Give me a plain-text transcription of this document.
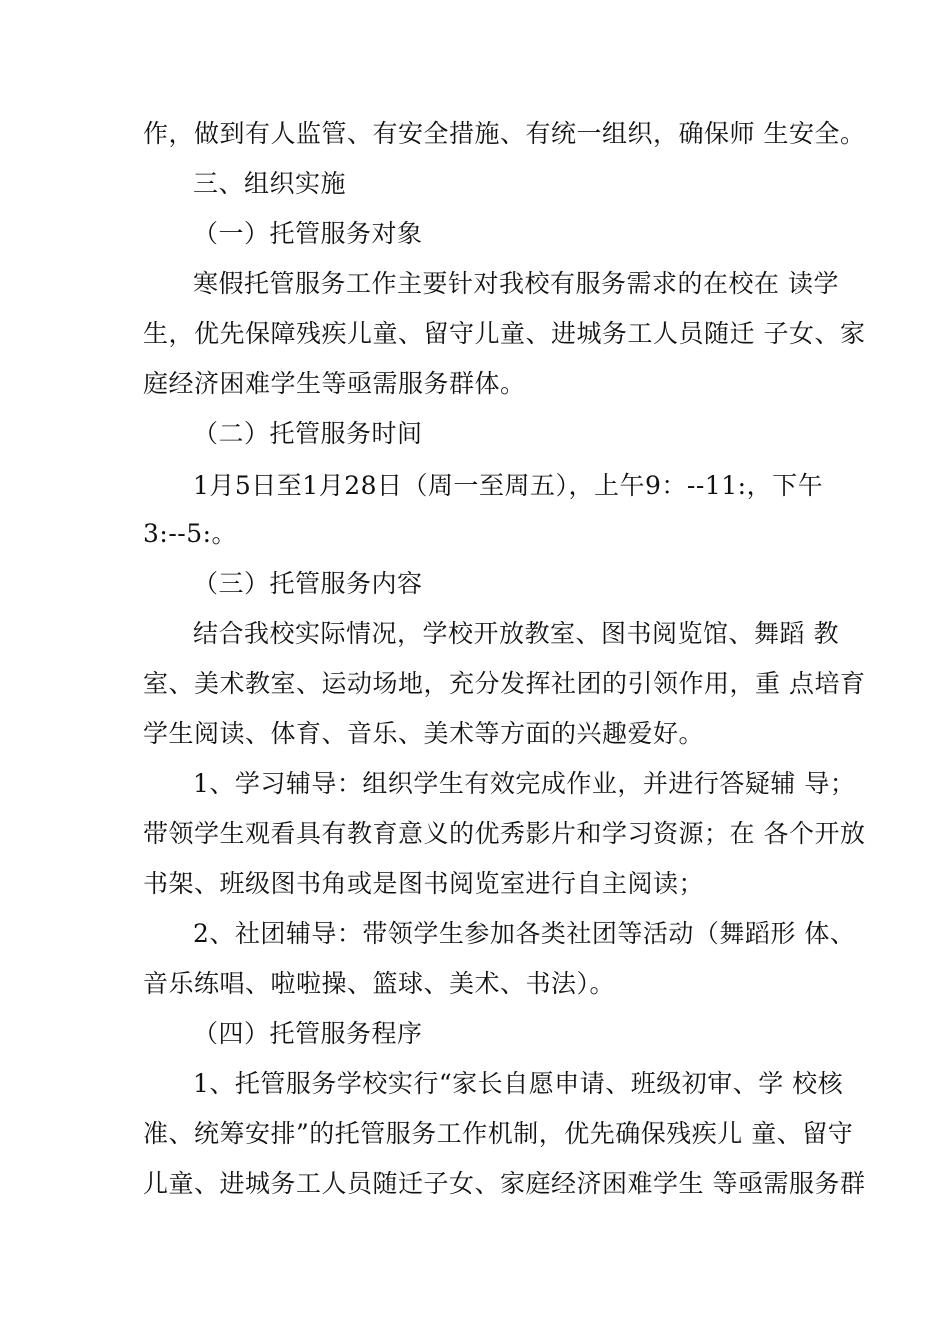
作，做到有人监管、有安全措施、有统一组织，确保师 生安全。
三、组织实施
（一）托管服务对象
寒假托管服务工作主要针对我校有服务需求的在校在 读学
生，优先保障残疾儿童、留守儿童、进城务工人员随迁 子女、家
庭经济困难学生等亟需服务群体。
（二）托管服务时间
1月5日至1月28日（周一至周五），上午9：--11:，下午
3:--5:。
（三）托管服务内容
结合我校实际情况，学校开放教室、图书阅览馆、舞蹈 教
室、美术教室、运动场地，充分发挥社团的引领作用，重 点培育
学生阅读、体育、音乐、美术等方面的兴趣爱好。
1、学习辅导：组织学生有效完成作业，并进行答疑辅 导；
带领学生观看具有教育意义的优秀影片和学习资源；在 各个开放
书架、班级图书角或是图书阅览室进行自主阅读；
2、社团辅导：带领学生参加各类社团等活动（舞蹈形 体、
音乐练唱、啦啦操、篮球、美术、书法）。
（四）托管服务程序
1、托管服务学校实行“家长自愿申请、班级初审、学 校核
准、统筹安排”的托管服务工作机制，优先确保残疾儿 童、留守
儿童、进城务工人员随迁子女、家庭经济困难学生 等亟需服务群
